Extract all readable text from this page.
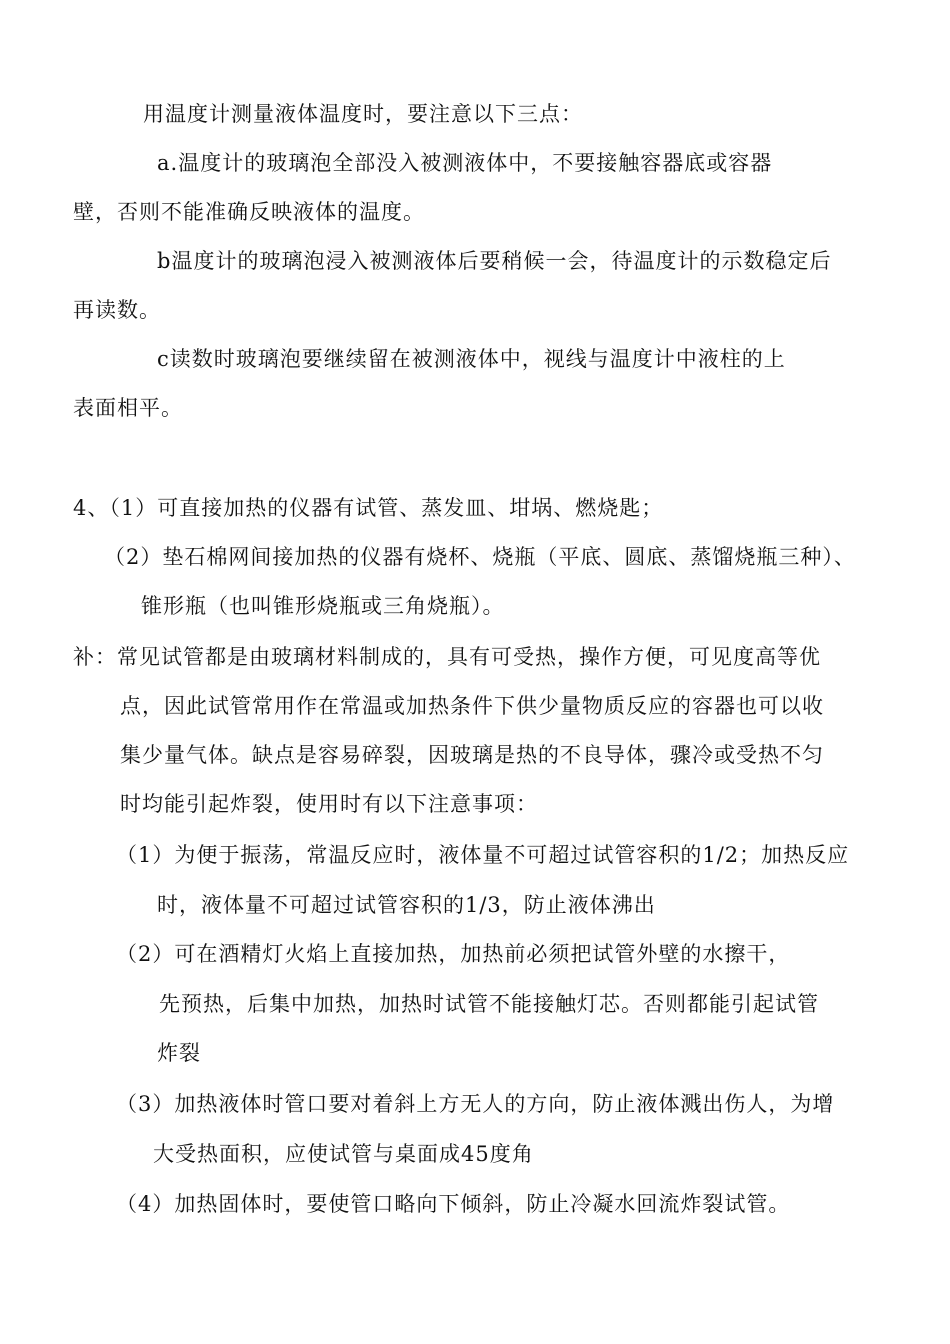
用温度计测量液体温度时，要注意以下三点：
a.温度计的玻璃泡全部没入被测液体中，不要接触容器底或容器
壁，否则不能准确反映液体的温度。
b温度计的玻璃泡浸入被测液体后要稍候一会，待温度计的示数稳定后
再读数。
c读数时玻璃泡要继续留在被测液体中，视线与温度计中液柱的上
表面相平。
4、（1）可直接加热的仪器有试管、蒸发皿、坩埚、燃烧匙；
（2）垫石棉网间接加热的仪器有烧杯、烧瓶（平底、圆底、蒸馏烧瓶三种）、
锥形瓶（也叫锥形烧瓶或三角烧瓶）。
补：常见试管都是由玻璃材料制成的，具有可受热，操作方便，可见度高等优
点，因此试管常用作在常温或加热条件下供少量物质反应的容器也可以收
集少量气体。缺点是容易碎裂，因玻璃是热的不良导体，骤冷或受热不匀
时均能引起炸裂，使用时有以下注意事项：
（1）为便于振荡，常温反应时，液体量不可超过试管容积的1/2；加热反应
时，液体量不可超过试管容积的1/3，防止液体沸出
（2）可在酒精灯火焰上直接加热，加热前必须把试管外壁的水擦干，
先预热，后集中加热，加热时试管不能接触灯芯。否则都能引起试管
炸裂
（3）加热液体时管口要对着斜上方无人的方向，防止液体溅出伤人，为增
大受热面积，应使试管与桌面成45度角
（4）加热固体时，要使管口略向下倾斜，防止冷凝水回流炸裂试管。
